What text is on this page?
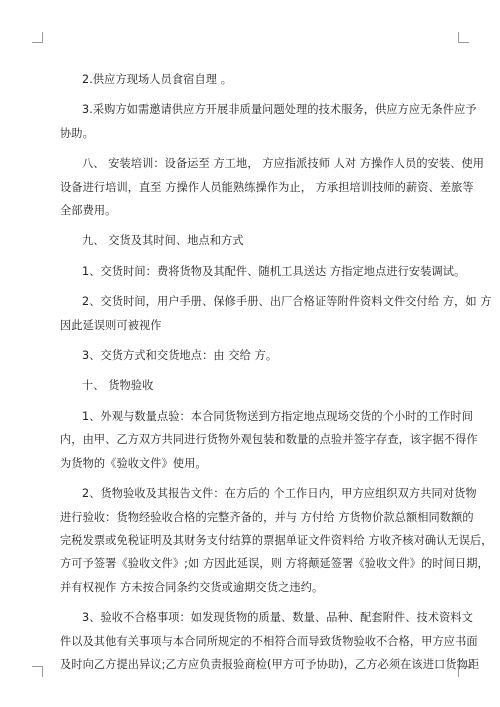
2.供应方现场人员食宿自理 。

3.采购方如需邀请供应方开展非质量问题处理的技术服务，供应方应无条件应予
协助。

八、 安装培训：设备运至 方工地， 方应指派技师 人对 方操作人员的安装、使用
设备进行培训，直至 方操作人员能熟练操作为止， 方承担培训技师的薪资、差旅等
全部费用。

九、 交货及其时间、地点和方式

1、交货时间：费将货物及其配件、随机工具送达 方指定地点进行安装调试。

2、交货时间，用户手册、保修手册、出厂合格证等附件资料文件交付给 方，如 方
因此延误则可被视作

3、交货方式和交货地点：由 交给 方。

十、 货物验收

1、外观与数量点验：本合同货物送到方指定地点现场交货的个小时的工作时间
内，由甲、乙方双方共同进行货物外观包装和数量的点验并签字存查，该字据不得作
为货物的《验收文件》使用。

2、货物验收及其报告文件：在方后的 个工作日内，甲方应组织双方共同对货物
进行验收：货物经验收合格的完整齐备的，并与 方付给 方货物价款总额相同数额的
完税发票或免税证明及其财务支付结算的票据单证文件资料给 方收齐核对确认无误后，
方可予签署《验收文件》;如 方因此延误，则 方将颠延签署《验收文件》的时间日期，
并有权视作 方未按合同条约交货或逾期交货之违约。

3、验收不合格事项：如发现货物的质量、数量、品种、配套附件、技术资料文
件以及其他有关事项与本合同所规定的不相符合而导致货物验收不合格，甲方应书面
及时向乙方提出异议;乙方应负责报验商检(甲方可予协助)，乙方必须在该进口货物距
